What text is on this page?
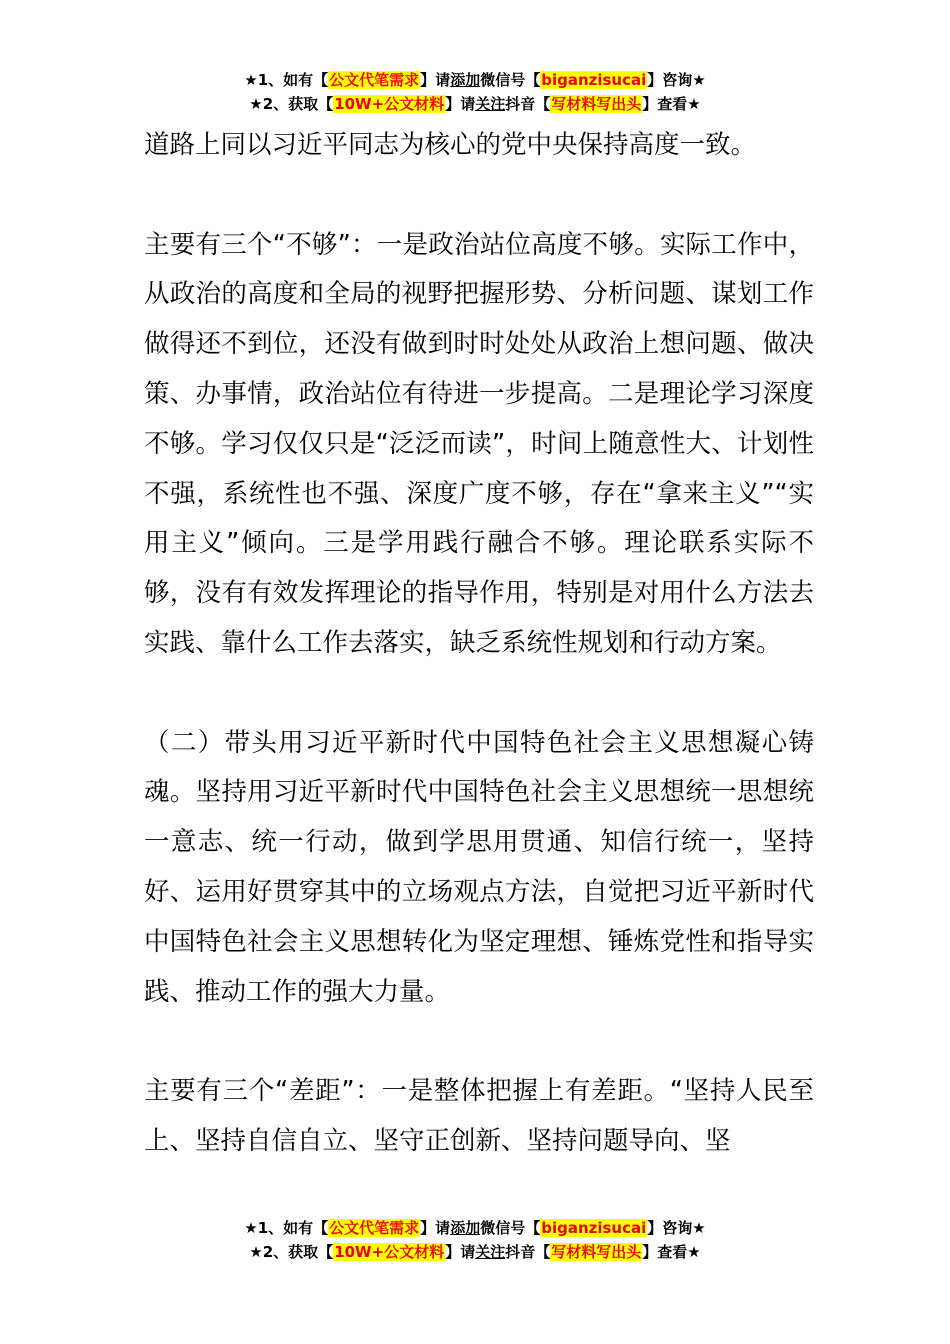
★1、如有【公文代笔需求】请添加微信号【biganzisucai】咨询★
★2、获取【10W+公文材料】请关注抖音【写材料写出头】查看★

道路上同以习近平同志为核心的党中央保持高度一致。

主要有三个“不够”：一是政治站位高度不够。实际工作中，从政治的高度和全局的视野把握形势、分析问题、谋划工作做得还不到位，还没有做到时时处处从政治上想问题、做决策、办事情，政治站位有待进一步提高。二是理论学习深度不够。学习仅仅只是“泛泛而读”，时间上随意性大、计划性不强，系统性也不强、深度广度不够，存在“拿来主义”“实用主义”倾向。三是学用践行融合不够。理论联系实际不够，没有有效发挥理论的指导作用，特别是对用什么方法去实践、靠什么工作去落实，缺乏系统性规划和行动方案。

（二）带头用习近平新时代中国特色社会主义思想凝心铸魂。坚持用习近平新时代中国特色社会主义思想统一思想统一意志、统一行动，做到学思用贯通、知信行统一，坚持好、运用好贯穿其中的立场观点方法，自觉把习近平新时代中国特色社会主义思想转化为坚定理想、锤炼党性和指导实践、推动工作的强大力量。

主要有三个“差距”：一是整体把握上有差距。“坚持人民至上、坚持自信自立、坚守正创新、坚持问题导向、坚

★1、如有【公文代笔需求】请添加微信号【biganzisucai】咨询★
★2、获取【10W+公文材料】请关注抖音【写材料写出头】查看★
